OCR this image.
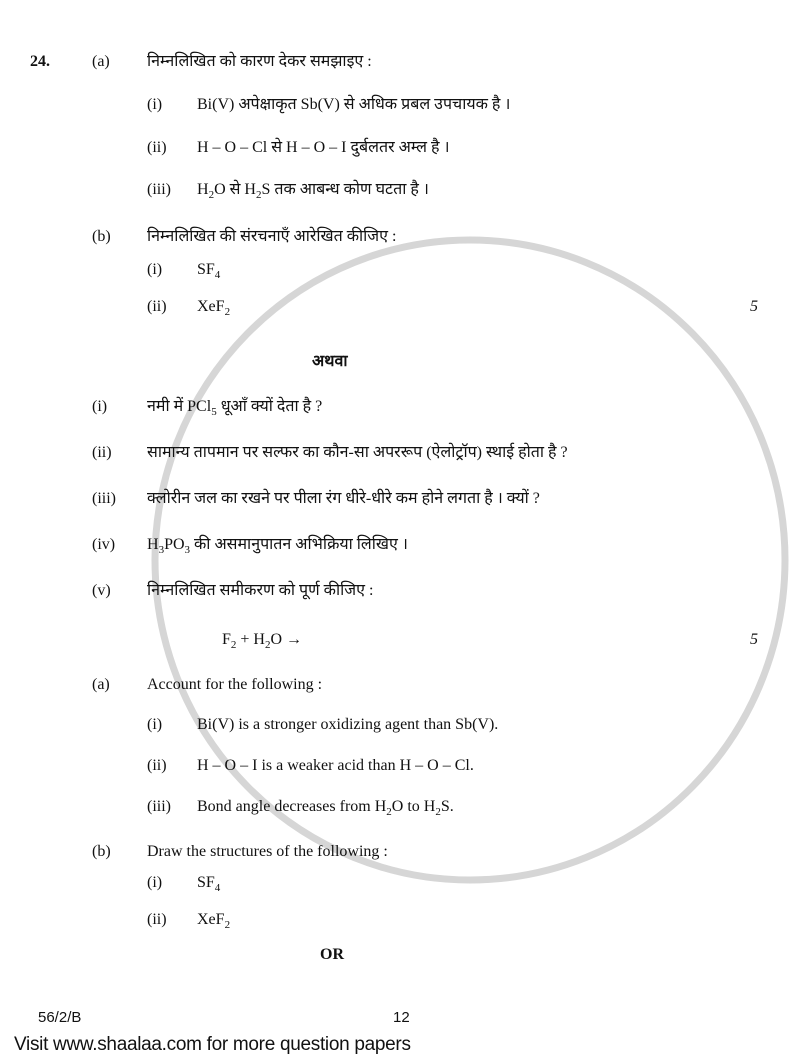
24.	(a) निम्नलिखित को कारण देकर समझाइए :
(i) Bi(V) अपेक्षाकृत Sb(V) से अधिक प्रबल उपचायक है ।
(ii) H – O – Cl से H – O – I दुर्बलतर अम्ल है ।
(iii) $H_2O$ से $H_2S$ तक आबन्ध कोण घटता है ।
(b) निम्नलिखित की संरचनाएँ आरेखित कीजिए :
(i) $SF_4$
(ii) XeF$_2$	5
अथवा
(i) नमी में PCl$_5$ धूआँ क्यों देता है ?
(ii) सामान्य तापमान पर सल्फर का कौन-सा अपररूप (ऐलोट्रॉप) स्थाई होता है ?
(iii) क्लोरीन जल का रखने पर पीला रंग धीरे-धीरे कम होने लगता है । क्यों ?
(iv) $H_3PO_3$ की असमानुपातन अभिक्रिया लिखिए ।
(v) निम्नलिखित समीकरण को पूर्ण कीजिए :
$F_2 + H_2O$ →	5
(a) Account for the following :
(i) Bi(V) is a stronger oxidizing agent than Sb(V).
(ii) H – O – I is a weaker acid than H – O – Cl.
(iii) Bond angle decreases from $H_2O$ to $H_2S$.
(b) Draw the structures of the following :
(i) $SF_4$
(ii) XeF$_2$
OR
56/2/B	12
Visit www.shaalaa.com for more question papers
